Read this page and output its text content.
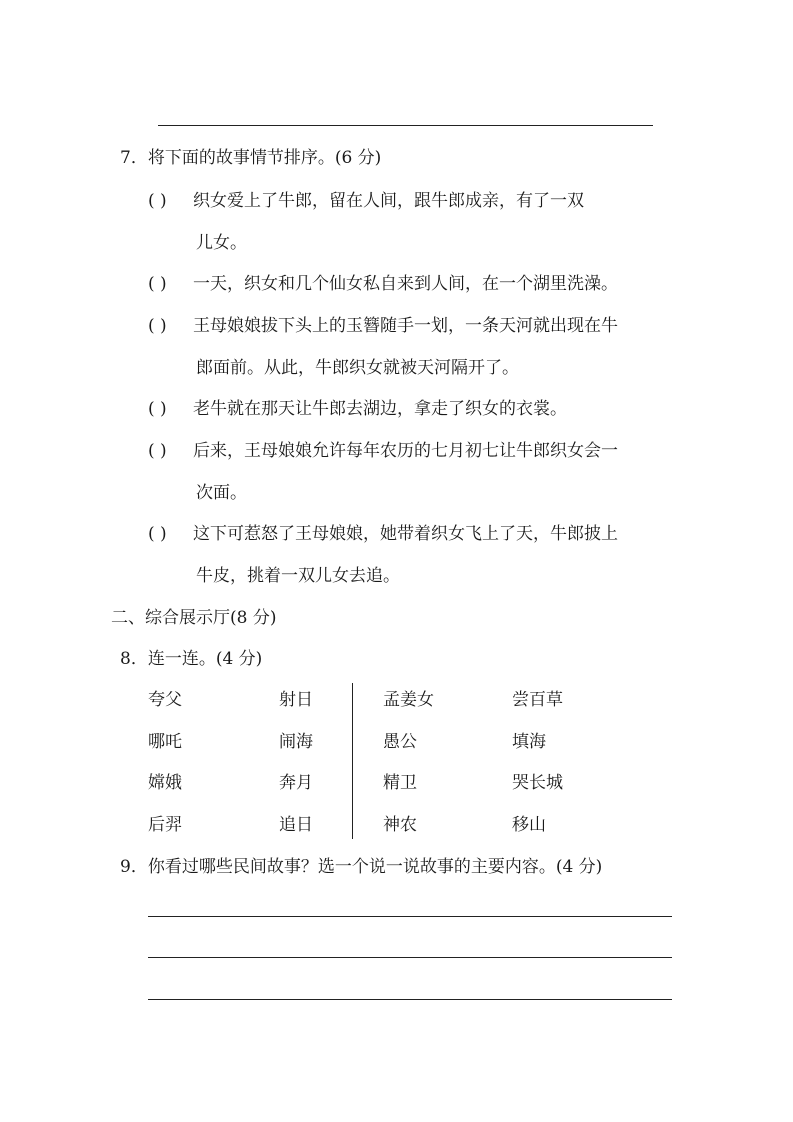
7．将下面的故事情节排序。(6 分)
( ) 织女爱上了牛郎，留在人间，跟牛郎成亲，有了一双
儿女。
( ) 一天，织女和几个仙女私自来到人间，在一个湖里洗澡。
( ) 王母娘娘拔下头上的玉簪随手一划，一条天河就出现在牛
郎面前。从此，牛郎织女就被天河隔开了。
( ) 老牛就在那天让牛郎去湖边，拿走了织女的衣裳。
( ) 后来，王母娘娘允许每年农历的七月初七让牛郎织女会一
次面。
( ) 这下可惹怒了王母娘娘，她带着织女飞上了天，牛郎披上
牛皮，挑着一双儿女去追。
二、综合展示厅(8 分)
8．连一连。(4 分)
夸父
哪吒
嫦娥
后羿
射日
闹海
奔月
追日
孟姜女
愚公
精卫
神农
尝百草
填海
哭长城
移山
9．你看过哪些民间故事？选一个说一说故事的主要内容。(4 分)
